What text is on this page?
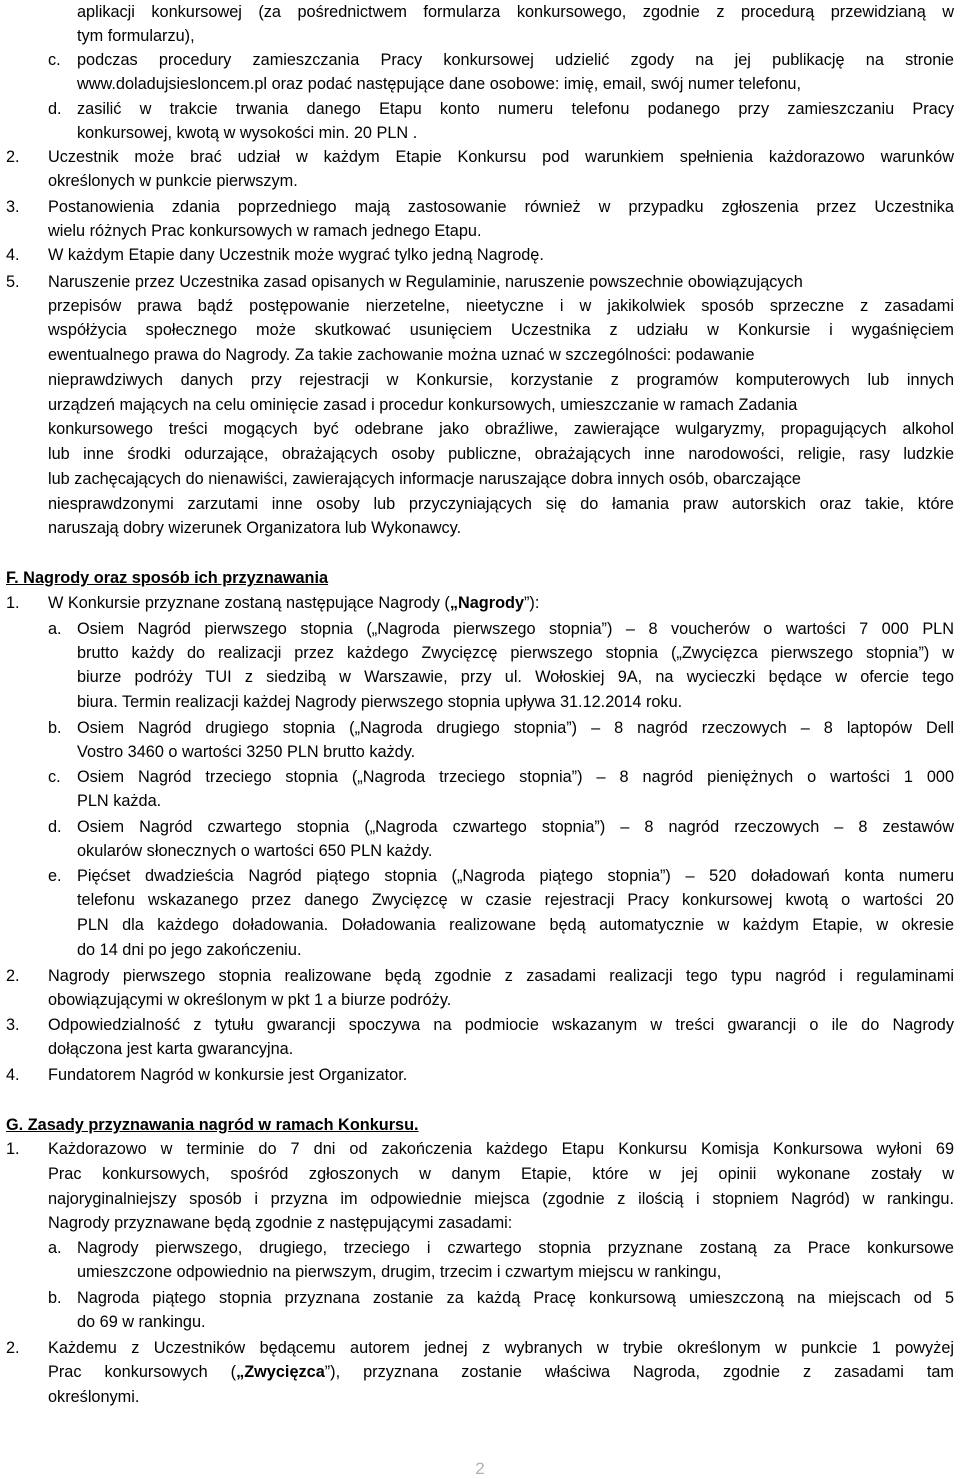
aplikacji konkursowej (za pośrednictwem formularza konkursowego, zgodnie z procedurą przewidzianą w
tym formularzu),
c. podczas procedury zamieszczania Pracy konkursowej udzielić zgody na jej publikację na stronie
www.doladujsiesloncem.pl oraz podać następujące dane osobowe: imię, email, swój numer telefonu,
d. zasilić w trakcie trwania danego Etapu konto numeru telefonu podanego przy zamieszczaniu Pracy
konkursowej, kwotą w wysokości min. 20 PLN .
2. Uczestnik może brać udział w każdym Etapie Konkursu pod warunkiem spełnienia każdorazowo warunków
określonych w punkcie pierwszym.
3. Postanowienia zdania poprzedniego mają zastosowanie również w przypadku zgłoszenia przez Uczestnika
wielu różnych Prac konkursowych w ramach jednego Etapu.
4. W każdym Etapie dany Uczestnik może wygrać tylko jedną Nagrodę.
5. Naruszenie przez Uczestnika zasad opisanych w Regulaminie, naruszenie powszechnie obowiązujących
przepisów prawa bądź postępowanie nierzetelne, nieetyczne i w jakikolwiek sposób sprzeczne z zasadami
współżycia społecznego może skutkować usunięciem Uczestnika z udziału w Konkursie i wygaśnięciem
ewentualnego prawa do Nagrody. Za takie zachowanie można uznać w szczególności: podawanie
nieprawdziwych danych przy rejestracji w Konkursie, korzystanie z programów komputerowych lub innych
urządzeń mających na celu ominięcie zasad i procedur konkursowych, umieszczanie w ramach Zadania
konkursowego treści mogących być odebrane jako obraźliwe, zawierające wulgaryzmy, propagujących alkohol
lub inne środki odurzające, obrażających osoby publiczne, obrażających inne narodowości, religie, rasy ludzkie
lub zachęcających do nienawiści, zawierających informacje naruszające dobra innych osób, obarczające
niesprawdzonymi zarzutami inne osoby lub przyczyniających się do łamania praw autorskich oraz takie, które
naruszają dobry wizerunek Organizatora lub Wykonawcy.
F. Nagrody oraz sposób ich przyznawania
1. W Konkursie przyznane zostaną następujące Nagrody („Nagrody”):
a. Osiem Nagród pierwszego stopnia („Nagroda pierwszego stopnia”) – 8 voucherów o wartości 7 000 PLN
brutto każdy do realizacji przez każdego Zwycięzcę pierwszego stopnia („Zwycięzca pierwszego stopnia”) w
biurze podróży TUI z siedzibą w Warszawie, przy ul. Wołoskiej 9A, na wycieczki będące w ofercie tego
biura. Termin realizacji każdej Nagrody pierwszego stopnia upływa 31.12.2014 roku.
b. Osiem Nagród drugiego stopnia („Nagroda drugiego stopnia”) – 8 nagród rzeczowych – 8 laptopów Dell
Vostro 3460 o wartości 3250 PLN brutto każdy.
c. Osiem Nagród trzeciego stopnia („Nagroda trzeciego stopnia”) – 8 nagród pieniężnych o wartości 1 000
PLN każda.
d. Osiem Nagród czwartego stopnia („Nagroda czwartego stopnia”) – 8 nagród rzeczowych – 8 zestawów
okularów słonecznych o wartości 650 PLN każdy.
e. Pięćset dwadzieścia Nagród piątego stopnia („Nagroda piątego stopnia”) – 520 doładowań konta numeru
telefonu wskazanego przez danego Zwycięzcę w czasie rejestracji Pracy konkursowej kwotą o wartości 20
PLN dla każdego doładowania. Doładowania realizowane będą automatycznie w każdym Etapie, w okresie
do 14 dni po jego zakończeniu.
2. Nagrody pierwszego stopnia realizowane będą zgodnie z zasadami realizacji tego typu nagród i regulaminami
obowiązującymi w określonym w pkt 1 a biurze podróży.
3. Odpowiedzialność z tytułu gwarancji spoczywa na podmiocie wskazanym w treści gwarancji o ile do Nagrody
dołączona jest karta gwarancyjna.
4. Fundatorem Nagród w konkursie jest Organizator.
G. Zasady przyznawania nagród w ramach Konkursu.
1. Każdorazowo w terminie do 7 dni od zakończenia każdego Etapu Konkursu Komisja Konkursowa wyłoni 69
Prac konkursowych, spośród zgłoszonych w danym Etapie, które w jej opinii wykonane zostały w
najoryginalniejszy sposób i przyzna im odpowiednie miejsca (zgodnie z ilością i stopniem Nagród) w rankingu.
Nagrody przyznawane będą zgodnie z następującymi zasadami:
a. Nagrody pierwszego, drugiego, trzeciego i czwartego stopnia przyznane zostaną za Prace konkursowe
umieszczone odpowiednio na pierwszym, drugim, trzecim i czwartym miejscu w rankingu,
b. Nagroda piątego stopnia przyznana zostanie za każdą Pracę konkursową umieszczoną na miejscach od 5
do 69 w rankingu.
2. Każdemu z Uczestników będącemu autorem jednej z wybranych w trybie określonym w punkcie 1 powyżej
Prac konkursowych („Zwycięzca”), przyznana zostanie właściwa Nagroda, zgodnie z zasadami tam
określonymi.
2
